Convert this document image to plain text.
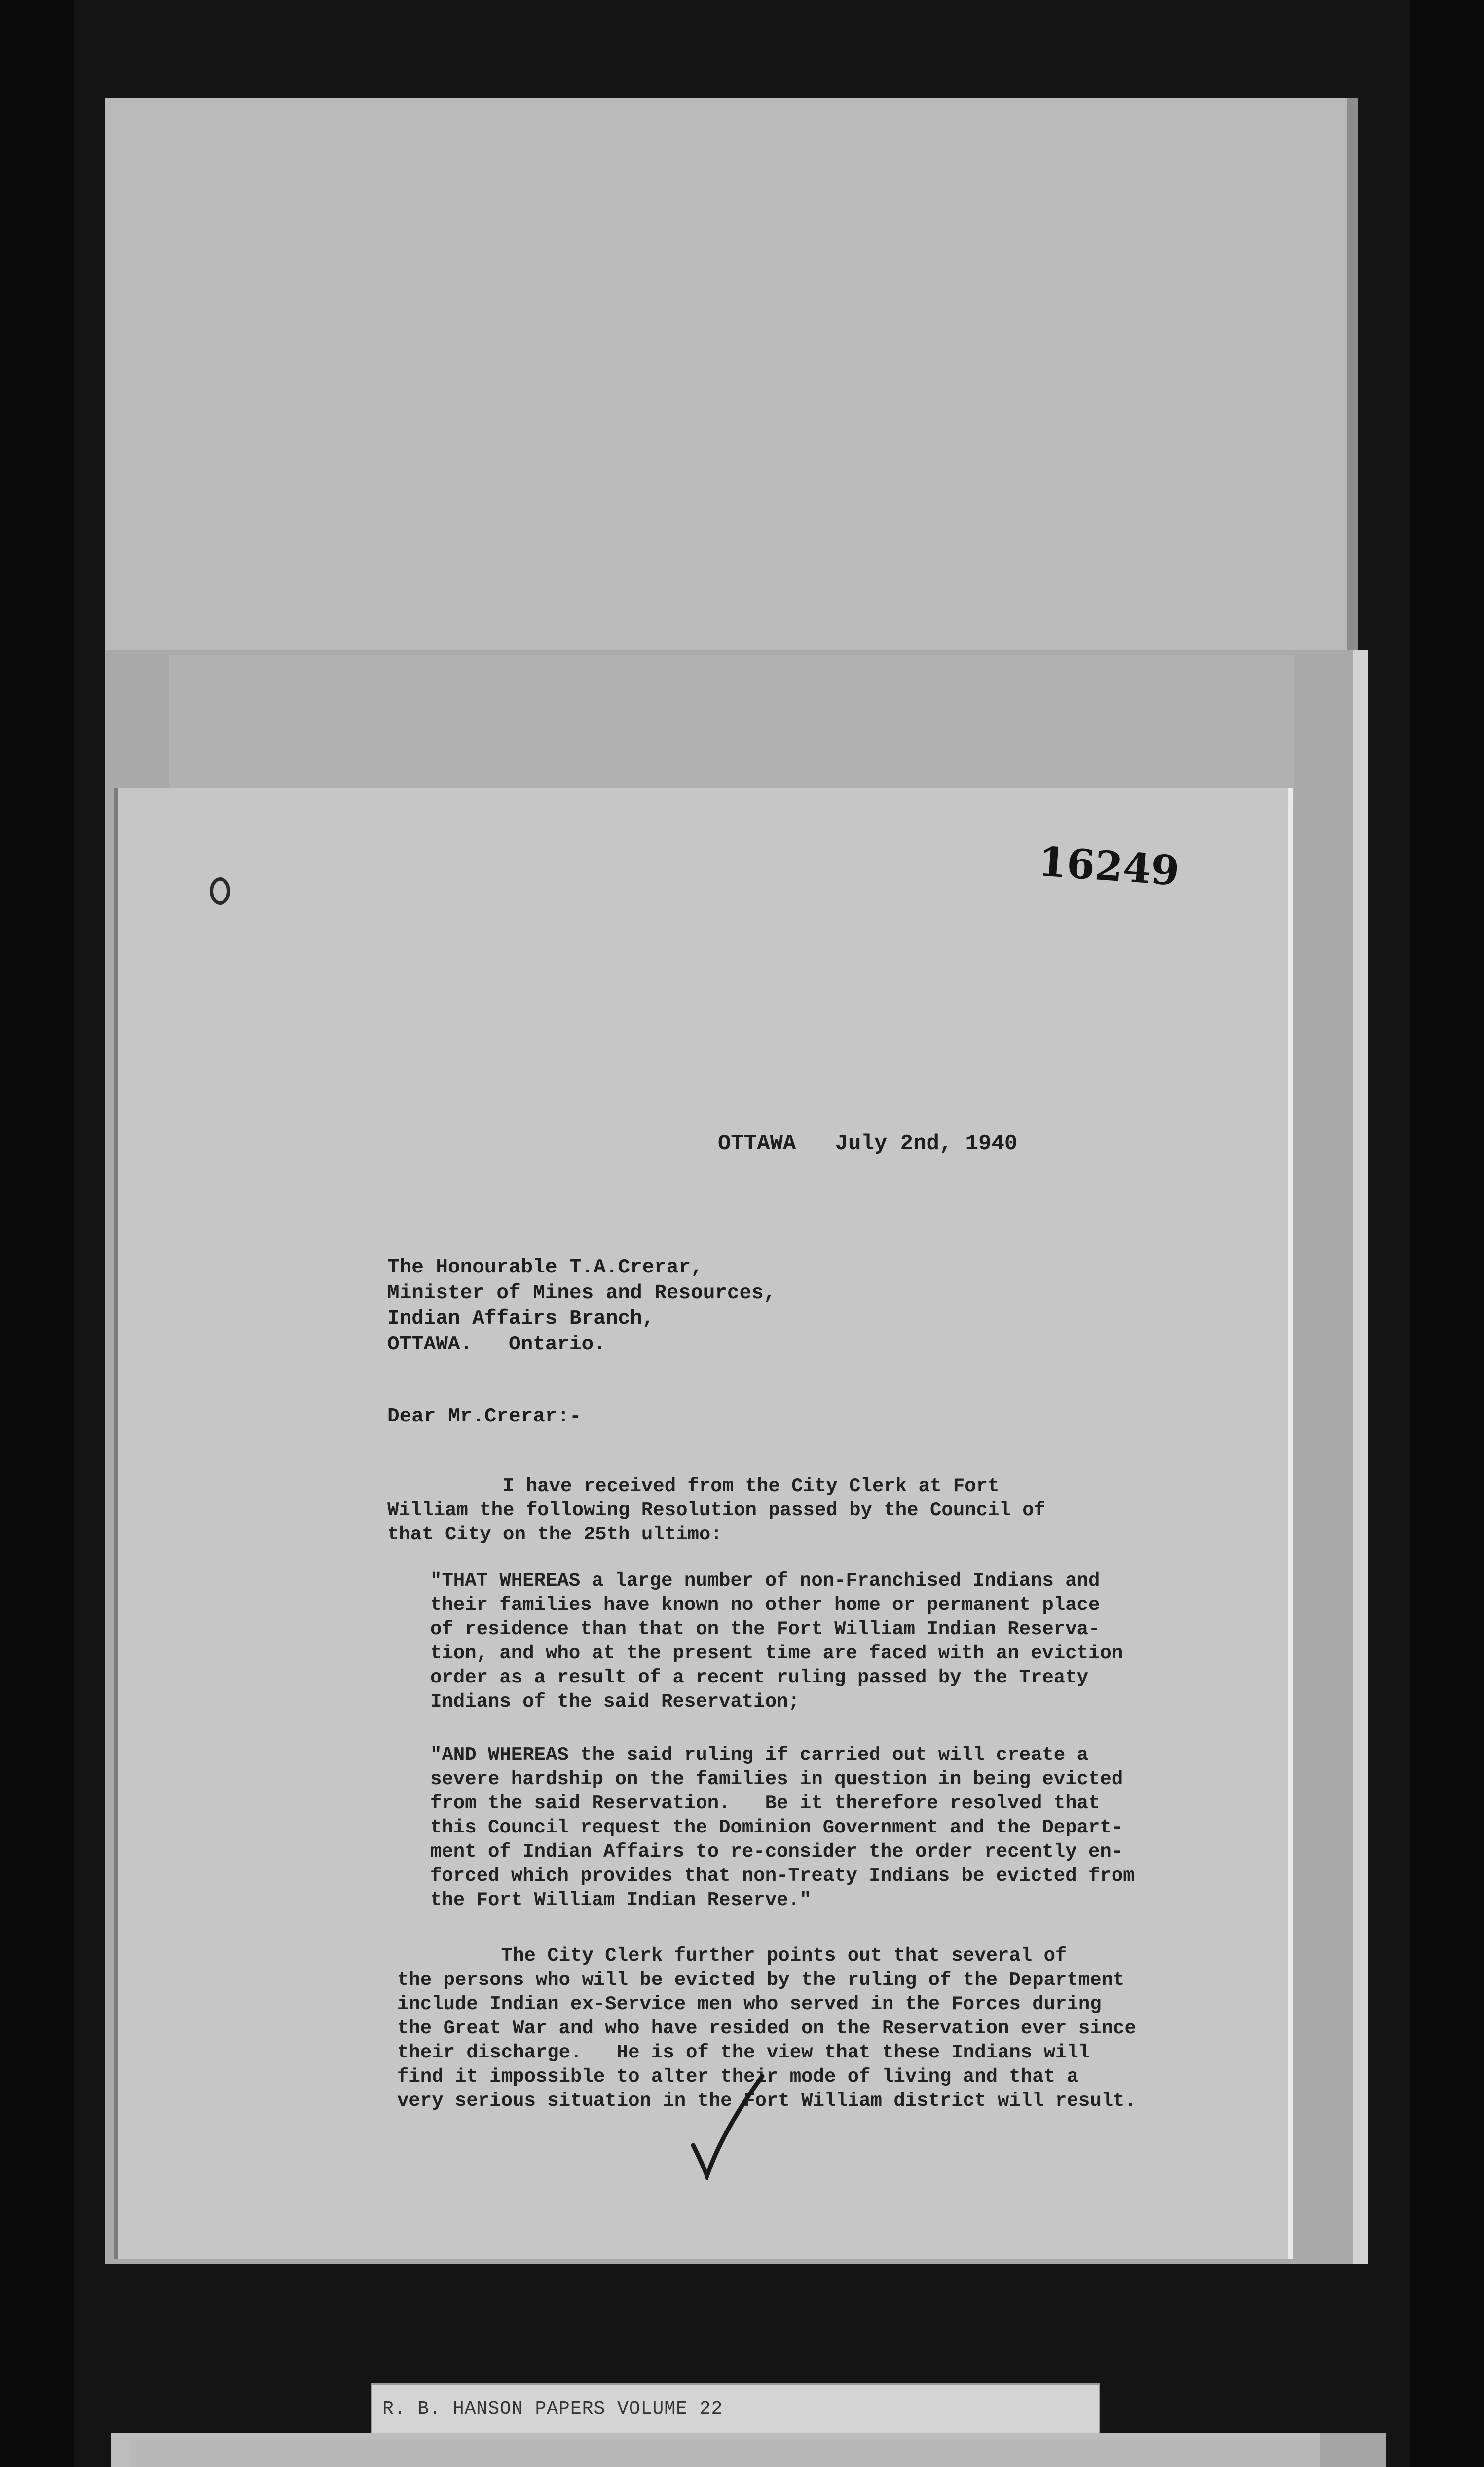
16249
OTTAWA   July 2nd, 1940
The Honourable T.A.Crerar,
Minister of Mines and Resources,
Indian Affairs Branch,
OTTAWA.   Ontario.
Dear Mr.Crerar:-
I have received from the City Clerk at Fort
William the following Resolution passed by the Council of
that City on the 25th ultimo:
"THAT WHEREAS a large number of non-Franchised Indians and
their families have known no other home or permanent place
of residence than that on the Fort William Indian Reserva-
tion, and who at the present time are faced with an eviction
order as a result of a recent ruling passed by the Treaty
Indians of the said Reservation;
"AND WHEREAS the said ruling if carried out will create a
severe hardship on the families in question in being evicted
from the said Reservation.   Be it therefore resolved that
this Council request the Dominion Government and the Depart-
ment of Indian Affairs to re-consider the order recently en-
forced which provides that non-Treaty Indians be evicted from
the Fort William Indian Reserve."
The City Clerk further points out that several of
the persons who will be evicted by the ruling of the Department
include Indian ex-Service men who served in the Forces during
the Great War and who have resided on the Reservation ever since
their discharge.   He is of the view that these Indians will
find it impossible to alter their mode of living and that a
very serious situation in the Fort William district will result.
R. B. HANSON PAPERS VOLUME 22
